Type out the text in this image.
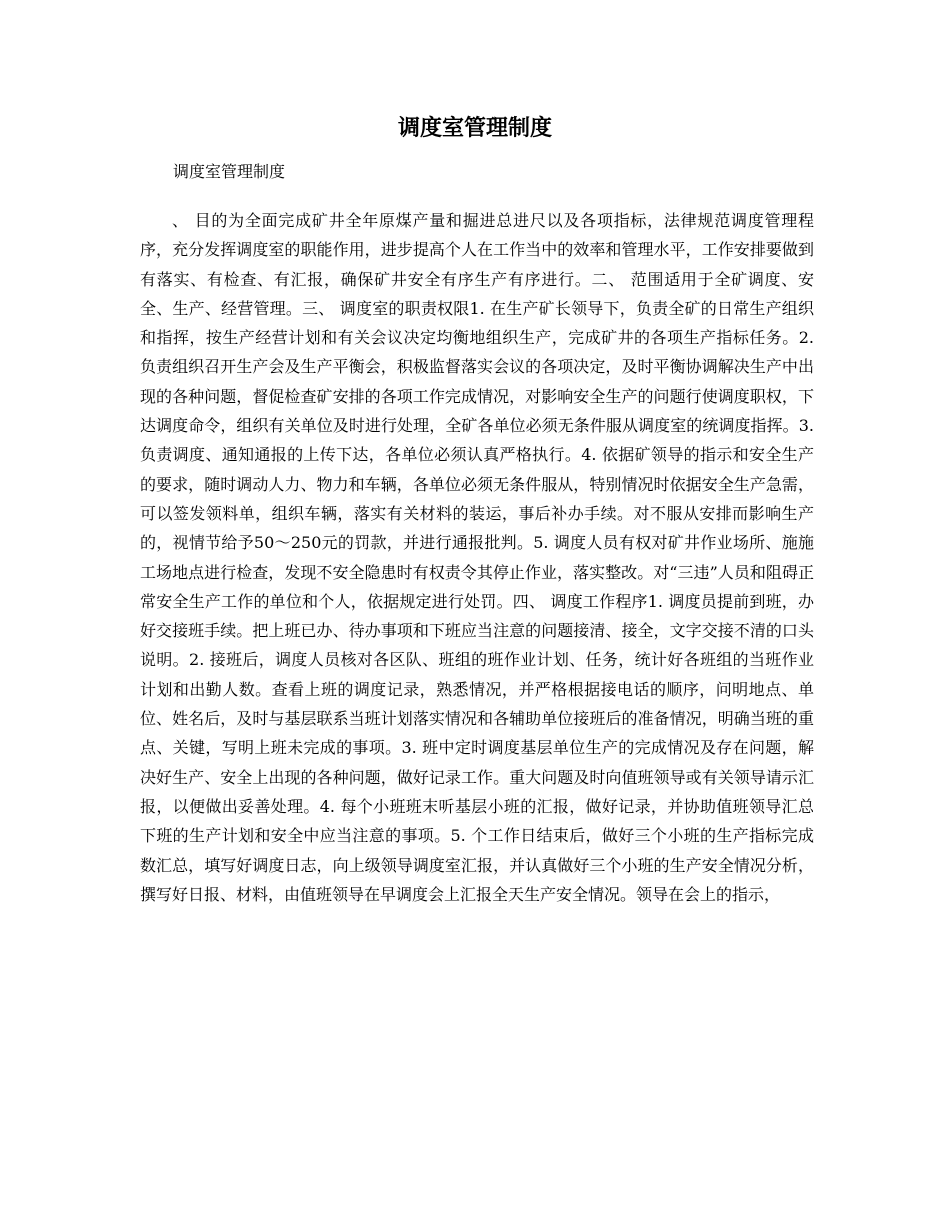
调度室管理制度

调度室管理制度

、 目的为全面完成矿井全年原煤产量和掘进总进尺以及各项指标，法律规范调度管理程序，充分发挥调度室的职能作用，进步提高个人在工作当中的效率和管理水平，工作安排要做到有落实、有检查、有汇报，确保矿井安全有序生产有序进行。二、 范围适用于全矿调度、安全、生产、经营管理。三、 调度室的职责权限1. 在生产矿长领导下，负责全矿的日常生产组织和指挥，按生产经营计划和有关会议决定均衡地组织生产，完成矿井的各项生产指标任务。2. 负责组织召开生产会及生产平衡会，积极监督落实会议的各项决定，及时平衡协调解决生产中出现的各种问题，督促检查矿安排的各项工作完成情况，对影响安全生产的问题行使调度职权，下达调度命令，组织有关单位及时进行处理，全矿各单位必须无条件服从调度室的统调度指挥。3. 负责调度、通知通报的上传下达，各单位必须认真严格执行。4. 依据矿领导的指示和安全生产的要求，随时调动人力、物力和车辆，各单位必须无条件服从，特别情况时依据安全生产急需，可以签发领料单，组织车辆，落实有关材料的装运，事后补办手续。对不服从安排而影响生产的，视情节给予50～250元的罚款，并进行通报批判。5. 调度人员有权对矿井作业场所、施施工场地点进行检查，发现不安全隐患时有权责令其停止作业，落实整改。对“三违”人员和阻碍正常安全生产工作的单位和个人，依据规定进行处罚。四、 调度工作程序1. 调度员提前到班，办好交接班手续。把上班已办、待办事项和下班应当注意的问题接清、接全，文字交接不清的口头说明。2. 接班后，调度人员核对各区队、班组的班作业计划、任务，统计好各班组的当班作业计划和出勤人数。查看上班的调度记录，熟悉情况，并严格根据接电话的顺序，问明地点、单位、姓名后，及时与基层联系当班计划落实情况和各辅助单位接班后的准备情况，明确当班的重点、关键，写明上班未完成的事项。3. 班中定时调度基层单位生产的完成情况及存在问题，解决好生产、安全上出现的各种问题，做好记录工作。重大问题及时向值班领导或有关领导请示汇报，以便做出妥善处理。4. 每个小班班末听基层小班的汇报，做好记录，并协助值班领导汇总下班的生产计划和安全中应当注意的事项。5. 个工作日结束后，做好三个小班的生产指标完成数汇总，填写好调度日志，向上级领导调度室汇报，并认真做好三个小班的生产安全情况分析，撰写好日报、材料，由值班领导在早调度会上汇报全天生产安全情况。领导在会上的指示，
